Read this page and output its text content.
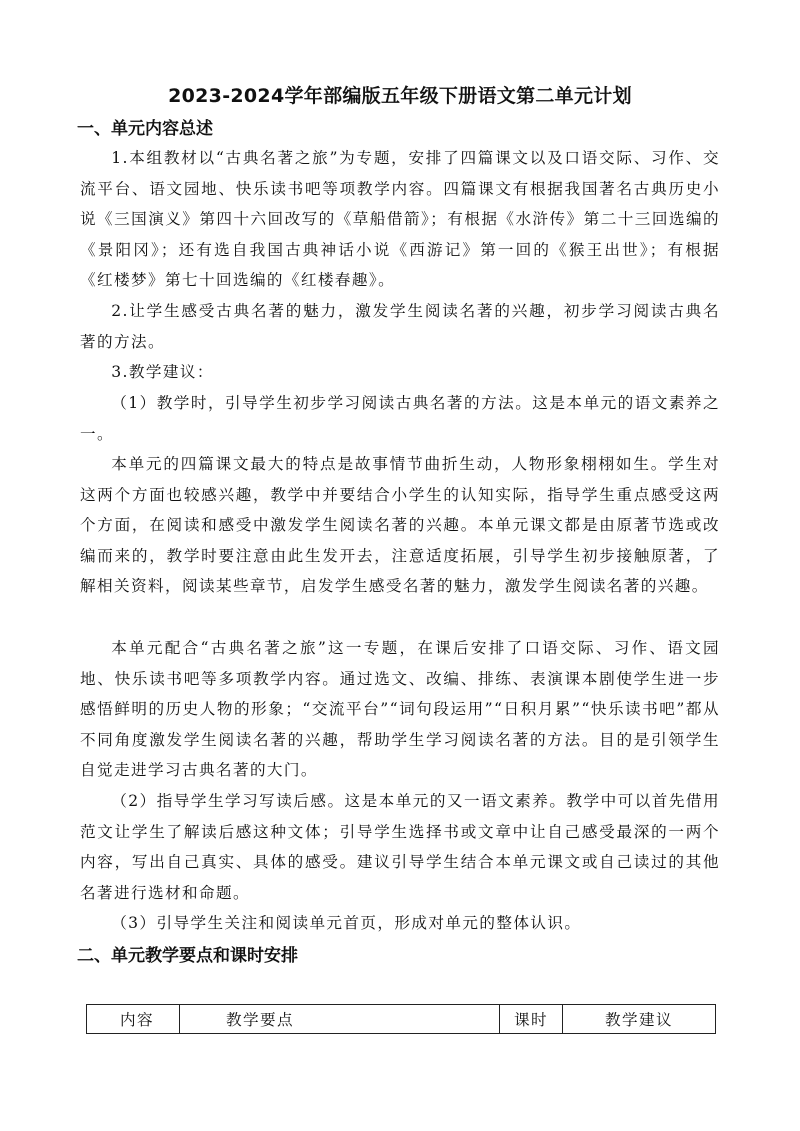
2023-2024学年部编版五年级下册语文第二单元计划
一、单元内容总述
1.本组教材以“古典名著之旅”为专题，安排了四篇课文以及口语交际、习作、交流平台、语文园地、快乐读书吧等项教学内容。四篇课文有根据我国著名古典历史小说《三国演义》第四十六回改写的《草船借箭》；有根据《水浒传》第二十三回选编的《景阳冈》；还有选自我国古典神话小说《西游记》第一回的《猴王出世》；有根据《红楼梦》第七十回选编的《红楼春趣》。
2.让学生感受古典名著的魅力，激发学生阅读名著的兴趣，初步学习阅读古典名著的方法。
3.教学建议：
（1）教学时，引导学生初步学习阅读古典名著的方法。这是本单元的语文素养之一。
本单元的四篇课文最大的特点是故事情节曲折生动，人物形象栩栩如生。学生对这两个方面也较感兴趣，教学中并要结合小学生的认知实际，指导学生重点感受这两个方面，在阅读和感受中激发学生阅读名著的兴趣。本单元课文都是由原著节选或改编而来的，教学时要注意由此生发开去，注意适度拓展，引导学生初步接触原著，了解相关资料，阅读某些章节，启发学生感受名著的魅力，激发学生阅读名著的兴趣。
本单元配合“古典名著之旅”这一专题，在课后安排了口语交际、习作、语文园地、快乐读书吧等多项教学内容。通过选文、改编、排练、表演课本剧使学生进一步感悟鲜明的历史人物的形象；“交流平台”“词句段运用”“日积月累”“快乐读书吧”都从不同角度激发学生阅读名著的兴趣，帮助学生学习阅读名著的方法。目的是引领学生自觉走进学习古典名著的大门。
（2）指导学生学习写读后感。这是本单元的又一语文素养。教学中可以首先借用范文让学生了解读后感这种文体；引导学生选择书或文章中让自己感受最深的一两个内容，写出自己真实、具体的感受。建议引导学生结合本单元课文或自己读过的其他名著进行选材和命题。
（3）引导学生关注和阅读单元首页，形成对单元的整体认识。
二、单元教学要点和课时安排
内容	教学要点	课时	教学建议
